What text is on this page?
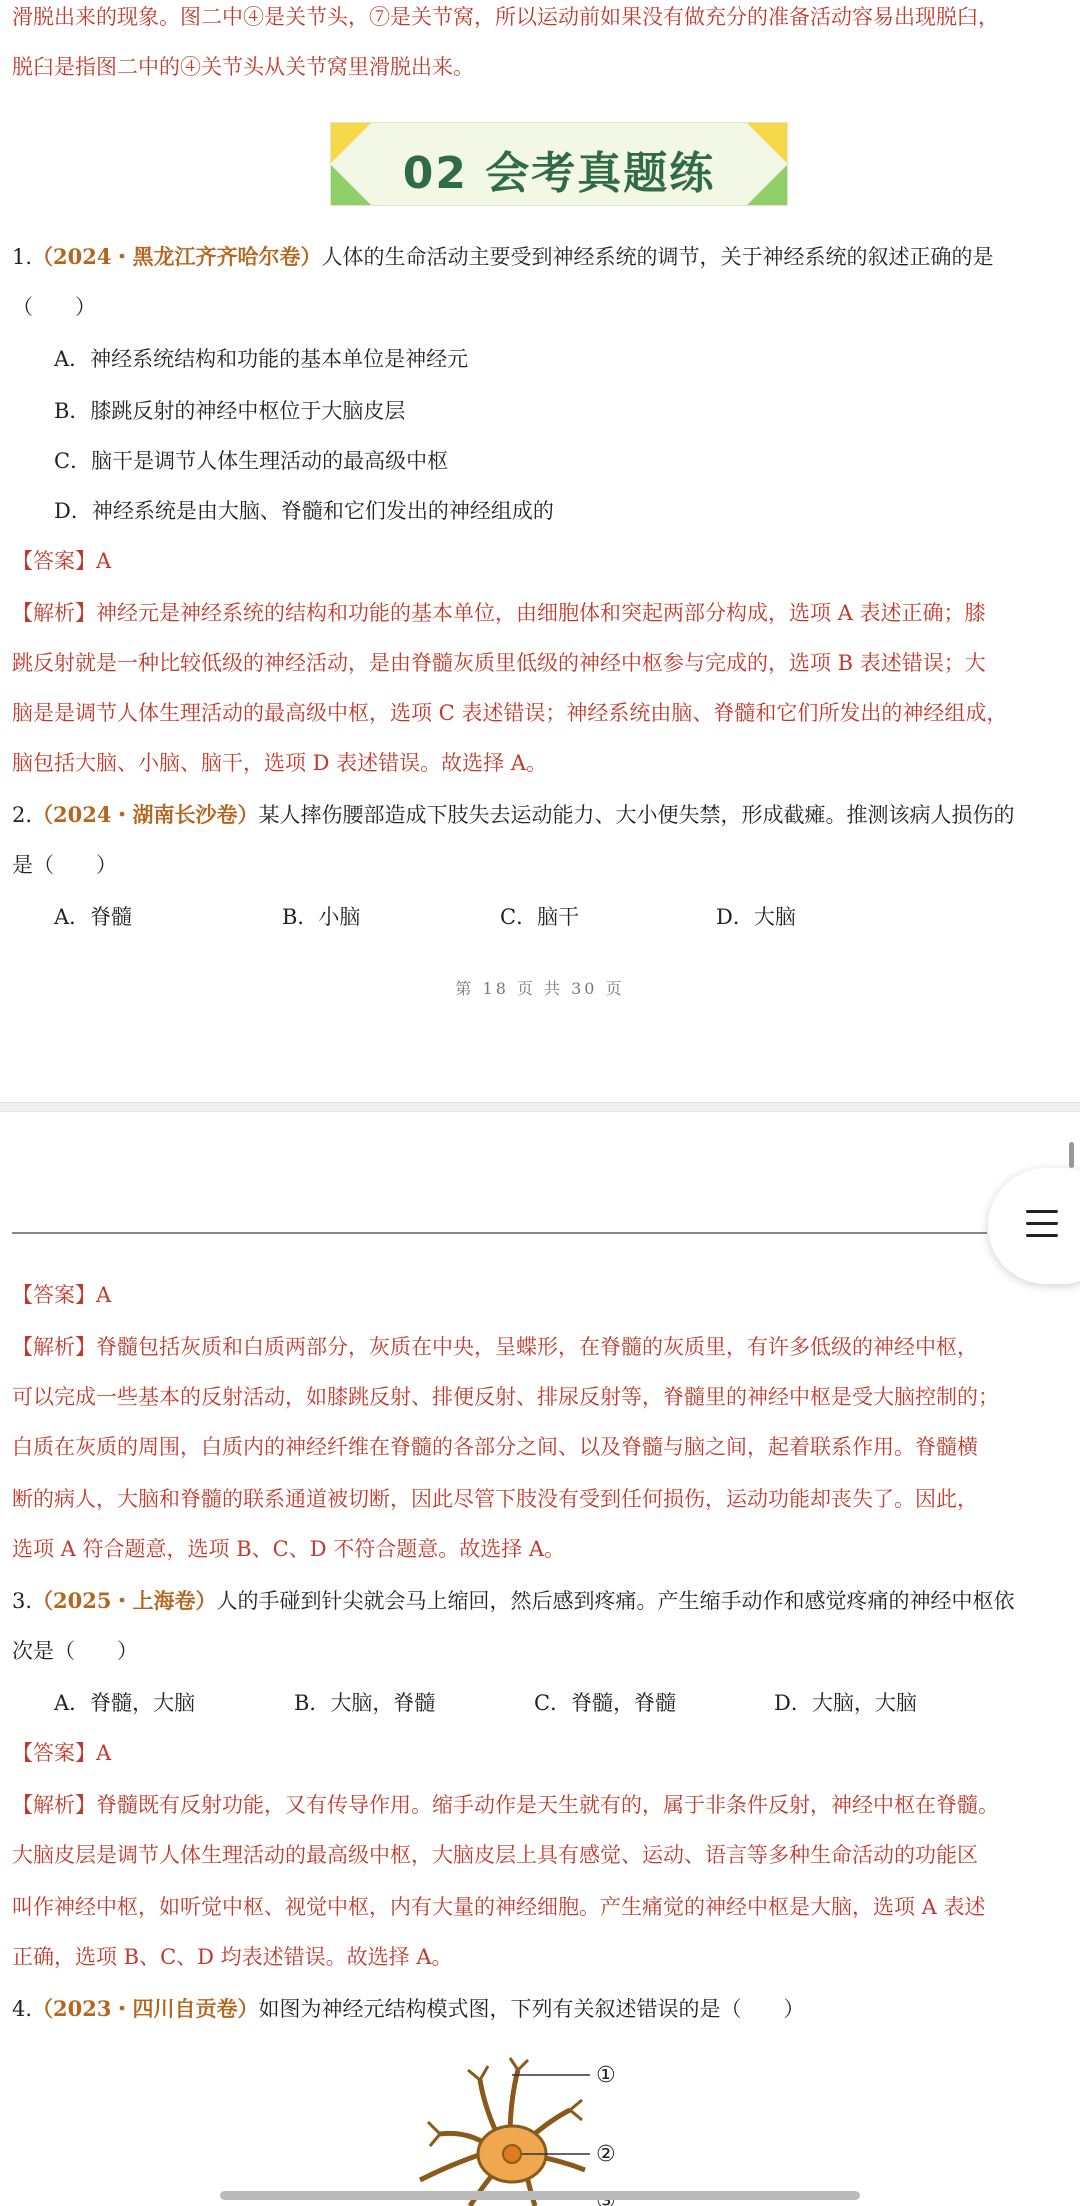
滑脱出来的现象。图二中④是关节头，⑦是关节窝，所以运动前如果没有做充分的准备活动容易出现脱臼，
脱臼是指图二中的④关节头从关节窝里滑脱出来。
02 会考真题练
1.（2024・黑龙江齐齐哈尔卷）人体的生命活动主要受到神经系统的调节，关于神经系统的叙述正确的是
（　　）
A．神经系统结构和功能的基本单位是神经元
B．膝跳反射的神经中枢位于大脑皮层
C．脑干是调节人体生理活动的最高级中枢
D．神经系统是由大脑、脊髓和它们发出的神经组成的
【答案】A
【解析】神经元是神经系统的结构和功能的基本单位，由细胞体和突起两部分构成，选项 A 表述正确；膝
跳反射就是一种比较低级的神经活动，是由脊髓灰质里低级的神经中枢参与完成的，选项 B 表述错误；大
脑是是调节人体生理活动的最高级中枢，选项 C 表述错误；神经系统由脑、脊髓和它们所发出的神经组成，
脑包括大脑、小脑、脑干，选项 D 表述错误。故选择 A。
2.（2024・湖南长沙卷）某人摔伤腰部造成下肢失去运动能力、大小便失禁，形成截瘫。推测该病人损伤的
是（　　）
A．脊髓	B．小脑	C．脑干	D．大脑
第 18 页 共 30 页
【答案】A
【解析】脊髓包括灰质和白质两部分，灰质在中央，呈蝶形，在脊髓的灰质里，有许多低级的神经中枢，
可以完成一些基本的反射活动，如膝跳反射、排便反射、排尿反射等，脊髓里的神经中枢是受大脑控制的；
白质在灰质的周围，白质内的神经纤维在脊髓的各部分之间、以及脊髓与脑之间，起着联系作用。脊髓横
断的病人，大脑和脊髓的联系通道被切断，因此尽管下肢没有受到任何损伤，运动功能却丧失了。因此，
选项 A 符合题意，选项 B、C、D 不符合题意。故选择 A。
3.（2025・上海卷）人的手碰到针尖就会马上缩回，然后感到疼痛。产生缩手动作和感觉疼痛的神经中枢依
次是（　　）
A．脊髓，大脑	B．大脑，脊髓	C．脊髓，脊髓	D．大脑，大脑
【答案】A
【解析】脊髓既有反射功能，又有传导作用。缩手动作是天生就有的，属于非条件反射，神经中枢在脊髓。
大脑皮层是调节人体生理活动的最高级中枢，大脑皮层上具有感觉、运动、语言等多种生命活动的功能区
叫作神经中枢，如听觉中枢、视觉中枢，内有大量的神经细胞。产生痛觉的神经中枢是大脑，选项 A 表述
正确，选项 B、C、D 均表述错误。故选择 A。
4.（2023・四川自贡卷）如图为神经元结构模式图，下列有关叙述错误的是（　　）
①
②
